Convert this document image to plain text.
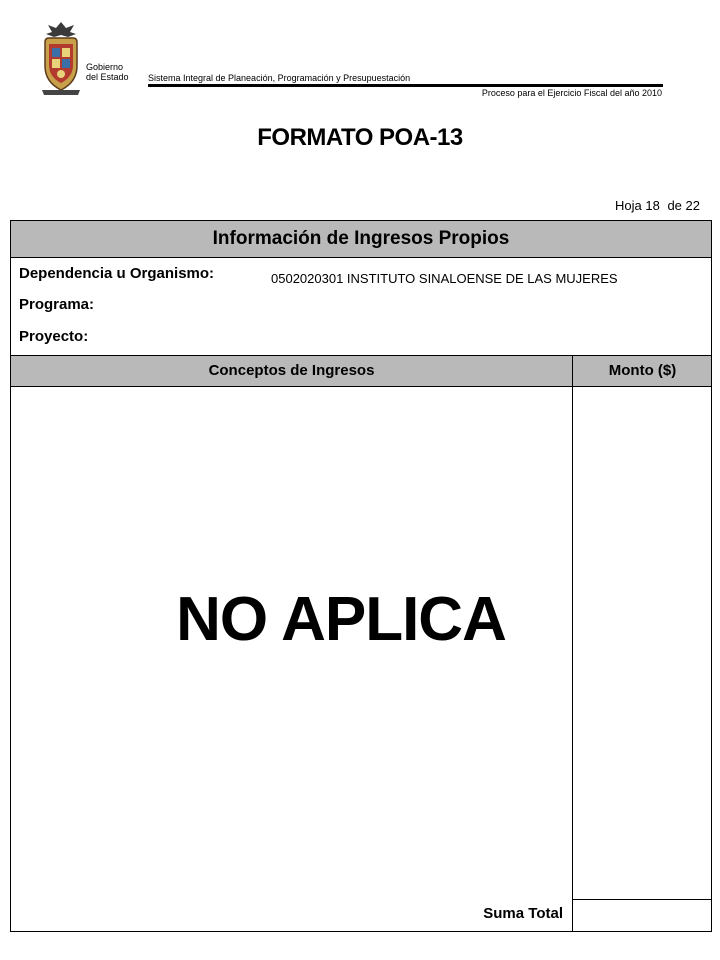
Gobierno
del Estado Sistema Integral de Planeación, Programación y Presupuestación
Proceso para el Ejercicio Fiscal del año 2010
FORMATO POA-13
Hoja 18 de 22
Información de Ingresos Propios
Dependencia u Organismo:	0502020301 INSTITUTO SINALOENSE DE LAS MUJERES
Programa:
Proyecto:
Conceptos de Ingresos	Monto ($)
NO APLICA
Suma Total
